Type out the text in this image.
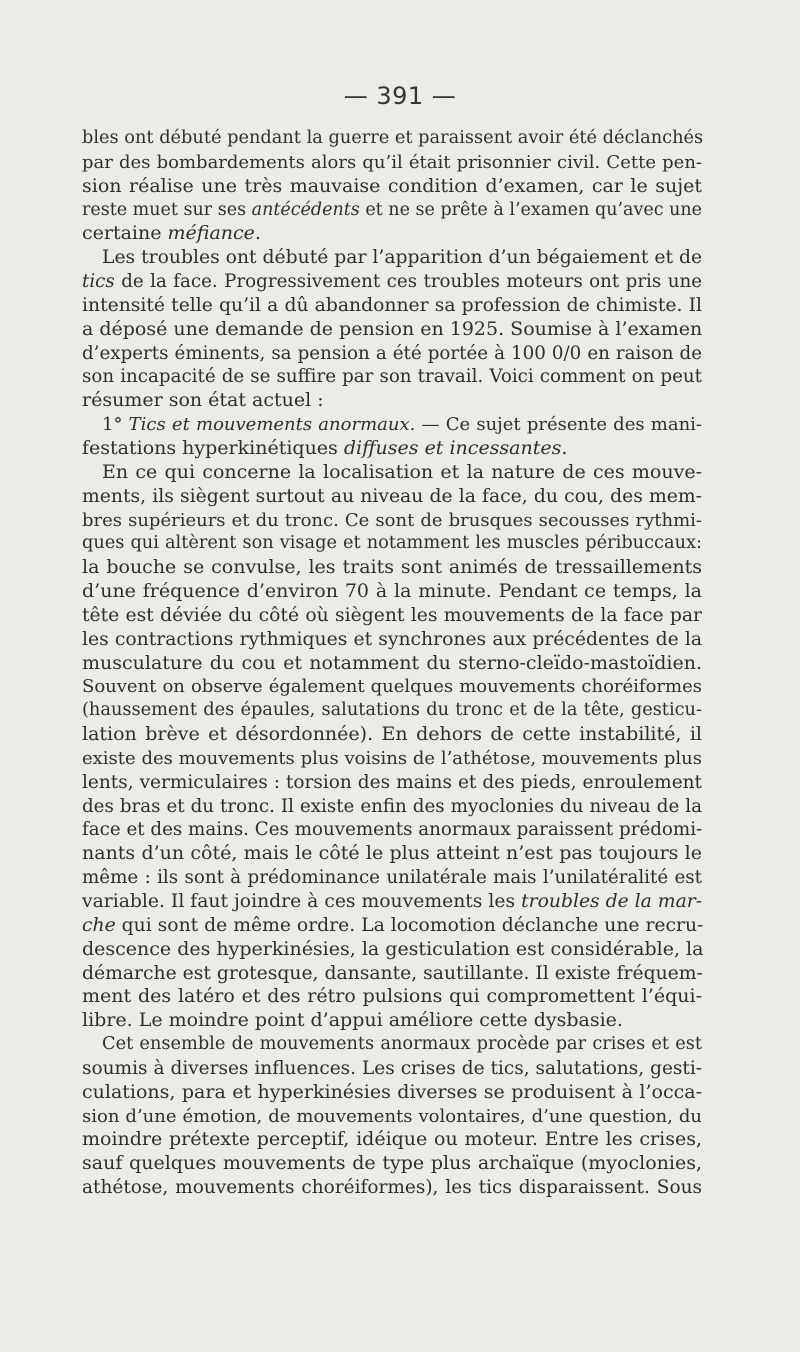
— 391 —
bles ont débuté pendant la guerre et paraissent avoir été déclanchés
par des bombardements alors qu’il était prisonnier civil. Cette pen-
sion réalise une très mauvaise condition d’examen, car le sujet
reste muet sur ses antécédents et ne se prête à l’examen qu’avec une
certaine méfiance.
Les troubles ont débuté par l’apparition d’un bégaiement et de
tics de la face. Progressivement ces troubles moteurs ont pris une
intensité telle qu’il a dû abandonner sa profession de chimiste. Il
a déposé une demande de pension en 1925. Soumise à l’examen
d’experts éminents, sa pension a été portée à 100 0/0 en raison de
son incapacité de se suffire par son travail. Voici comment on peut
résumer son état actuel :
1° Tics et mouvements anormaux. — Ce sujet présente des mani-
festations hyperkinétiques diffuses et incessantes.
En ce qui concerne la localisation et la nature de ces mouve-
ments, ils siègent surtout au niveau de la face, du cou, des mem-
bres supérieurs et du tronc. Ce sont de brusques secousses rythmi-
ques qui altèrent son visage et notamment les muscles péribuccaux:
la bouche se convulse, les traits sont animés de tressaillements
d’une fréquence d’environ 70 à la minute. Pendant ce temps, la
tête est déviée du côté où siègent les mouvements de la face par
les contractions rythmiques et synchrones aux précédentes de la
musculature du cou et notamment du sterno-cleïdo-mastoïdien.
Souvent on observe également quelques mouvements choréiformes
(haussement des épaules, salutations du tronc et de la tête, gesticu-
lation brève et désordonnée). En dehors de cette instabilité, il
existe des mouvements plus voisins de l’athétose, mouvements plus
lents, vermiculaires : torsion des mains et des pieds, enroulement
des bras et du tronc. Il existe enfin des myoclonies du niveau de la
face et des mains. Ces mouvements anormaux paraissent prédomi-
nants d’un côté, mais le côté le plus atteint n’est pas toujours le
même : ils sont à prédominance unilatérale mais l’unilatéralité est
variable. Il faut joindre à ces mouvements les troubles de la mar-
che qui sont de même ordre. La locomotion déclanche une recru-
descence des hyperkinésies, la gesticulation est considérable, la
démarche est grotesque, dansante, sautillante. Il existe fréquem-
ment des latéro et des rétro pulsions qui compromettent l’équi-
libre. Le moindre point d’appui améliore cette dysbasie.
Cet ensemble de mouvements anormaux procède par crises et est
soumis à diverses influences. Les crises de tics, salutations, gesti-
culations, para et hyperkinésies diverses se produisent à l’occa-
sion d’une émotion, de mouvements volontaires, d’une question, du
moindre prétexte perceptif, idéique ou moteur. Entre les crises,
sauf quelques mouvements de type plus archaïque (myoclonies,
athétose, mouvements choréiformes), les tics disparaissent. Sous
